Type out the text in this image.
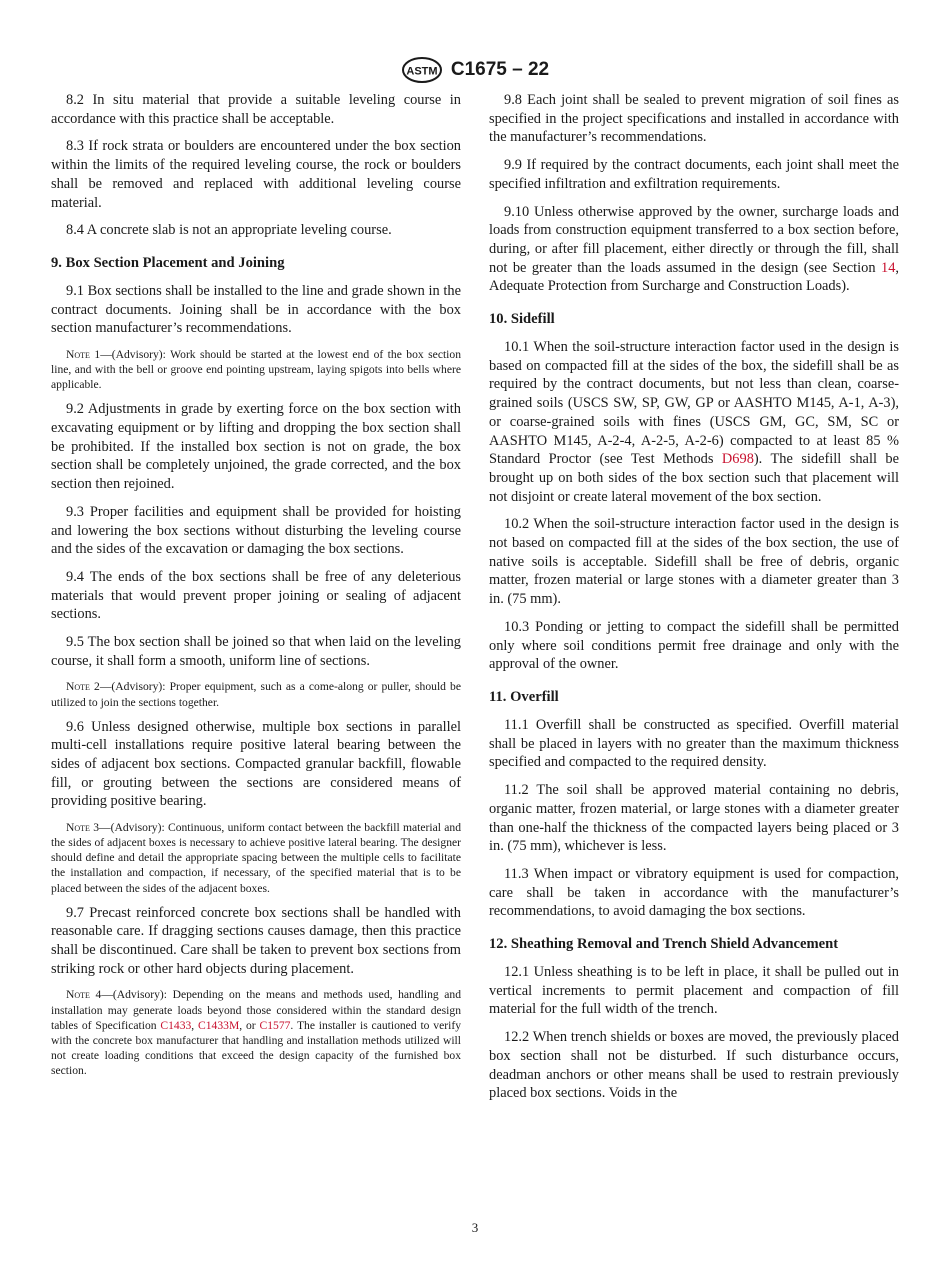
ASTM C1675 – 22

8.2 In situ material that provide a suitable leveling course in accordance with this practice shall be acceptable.

8.3 If rock strata or boulders are encountered under the box section within the limits of the required leveling course, the rock or boulders shall be removed and replaced with additional leveling course material.

8.4 A concrete slab is not an appropriate leveling course.

9. Box Section Placement and Joining

9.1 Box sections shall be installed to the line and grade shown in the contract documents. Joining shall be in accordance with the box section manufacturer’s recommendations.

Note 1—(Advisory): Work should be started at the lowest end of the box section line, and with the bell or groove end pointing upstream, laying spigots into bells where applicable.

9.2 Adjustments in grade by exerting force on the box section with excavating equipment or by lifting and dropping the box section shall be prohibited. If the installed box section is not on grade, the box section shall be completely unjoined, the grade corrected, and the box section then rejoined.

9.3 Proper facilities and equipment shall be provided for hoisting and lowering the box sections without disturbing the leveling course and the sides of the excavation or damaging the box sections.

9.4 The ends of the box sections shall be free of any deleterious materials that would prevent proper joining or sealing of adjacent sections.

9.5 The box section shall be joined so that when laid on the leveling course, it shall form a smooth, uniform line of sections.

Note 2—(Advisory): Proper equipment, such as a come-along or puller, should be utilized to join the sections together.

9.6 Unless designed otherwise, multiple box sections in parallel multi-cell installations require positive lateral bearing between the sides of adjacent box sections. Compacted granular backfill, flowable fill, or grouting between the sections are considered means of providing positive bearing.

Note 3—(Advisory): Continuous, uniform contact between the backfill material and the sides of adjacent boxes is necessary to achieve positive lateral bearing. The designer should define and detail the appropriate spacing between the multiple cells to facilitate the installation and compaction, if necessary, of the specified material that is to be placed between the sides of the adjacent boxes.

9.7 Precast reinforced concrete box sections shall be handled with reasonable care. If dragging sections causes damage, then this practice shall be discontinued. Care shall be taken to prevent box sections from striking rock or other hard objects during placement.

Note 4—(Advisory): Depending on the means and methods used, handling and installation may generate loads beyond those considered within the standard design tables of Specification C1433, C1433M, or C1577. The installer is cautioned to verify with the concrete box manufacturer that handling and installation methods utilized will not create loading conditions that exceed the design capacity of the furnished box section.

9.8 Each joint shall be sealed to prevent migration of soil fines as specified in the project specifications and installed in accordance with the manufacturer’s recommendations.

9.9 If required by the contract documents, each joint shall meet the specified infiltration and exfiltration requirements.

9.10 Unless otherwise approved by the owner, surcharge loads and loads from construction equipment transferred to a box section before, during, or after fill placement, either directly or through the fill, shall not be greater than the loads assumed in the design (see Section 14, Adequate Protection from Surcharge and Construction Loads).

10. Sidefill

10.1 When the soil-structure interaction factor used in the design is based on compacted fill at the sides of the box, the sidefill shall be as required by the contract documents, but not less than clean, coarse-grained soils (USCS SW, SP, GW, GP or AASHTO M145, A-1, A-3), or coarse-grained soils with fines (USCS GM, GC, SM, SC or AASHTO M145, A-2-4, A-2-5, A-2-6) compacted to at least 85 % Standard Proctor (see Test Methods D698). The sidefill shall be brought up on both sides of the box section such that placement will not disjoint or create lateral movement of the box section.

10.2 When the soil-structure interaction factor used in the design is not based on compacted fill at the sides of the box section, the use of native soils is acceptable. Sidefill shall be free of debris, organic matter, frozen material or large stones with a diameter greater than 3 in. (75 mm).

10.3 Ponding or jetting to compact the sidefill shall be permitted only where soil conditions permit free drainage and only with the approval of the owner.

11. Overfill

11.1 Overfill shall be constructed as specified. Overfill material shall be placed in layers with no greater than the maximum thickness specified and compacted to the required density.

11.2 The soil shall be approved material containing no debris, organic matter, frozen material, or large stones with a diameter greater than one-half the thickness of the compacted layers being placed or 3 in. (75 mm), whichever is less.

11.3 When impact or vibratory equipment is used for compaction, care shall be taken in accordance with the manufacturer’s recommendations, to avoid damaging the box sections.

12. Sheathing Removal and Trench Shield Advancement

12.1 Unless sheathing is to be left in place, it shall be pulled out in vertical increments to permit placement and compaction of fill material for the full width of the trench.

12.2 When trench shields or boxes are moved, the previously placed box section shall not be disturbed. If such disturbance occurs, deadman anchors or other means shall be used to restrain previously placed box sections. Voids in the

3
